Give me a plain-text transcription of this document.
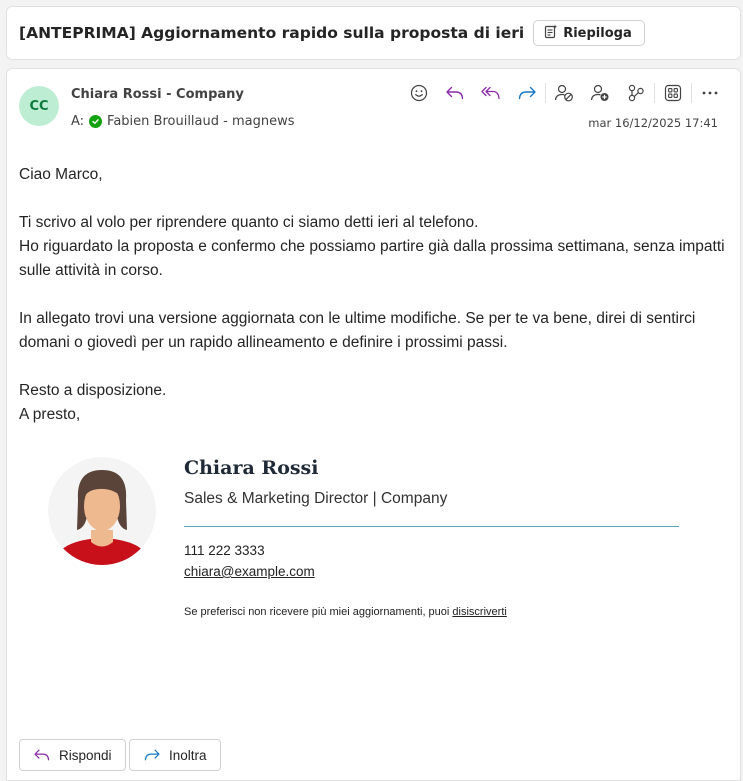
[ANTEPRIMA] Aggiornamento rapido sulla proposta di ieri	Riepiloga
CC
Chiara Rossi - Company
A: Fabien Brouillaud - magnews	mar 16/12/2025 17:41

Ciao Marco,

Ti scrivo al volo per riprendere quanto ci siamo detti ieri al telefono.

Ho riguardato la proposta e confermo che possiamo partire già dalla prossima settimana, senza impatti sulle attività in corso.

In allegato trovi una versione aggiornata con le ultime modifiche. Se per te va bene, direi di sentirci domani o giovedì per un rapido allineamento e definire i prossimi passi.

Resto a disposizione.

A presto,

Chiara Rossi
Sales & Marketing Director | Company
111 222 3333
chiara@example.com
Se preferisci non ricevere più miei aggiornamenti, puoi disiscriverti
Rispondi	Inoltra
